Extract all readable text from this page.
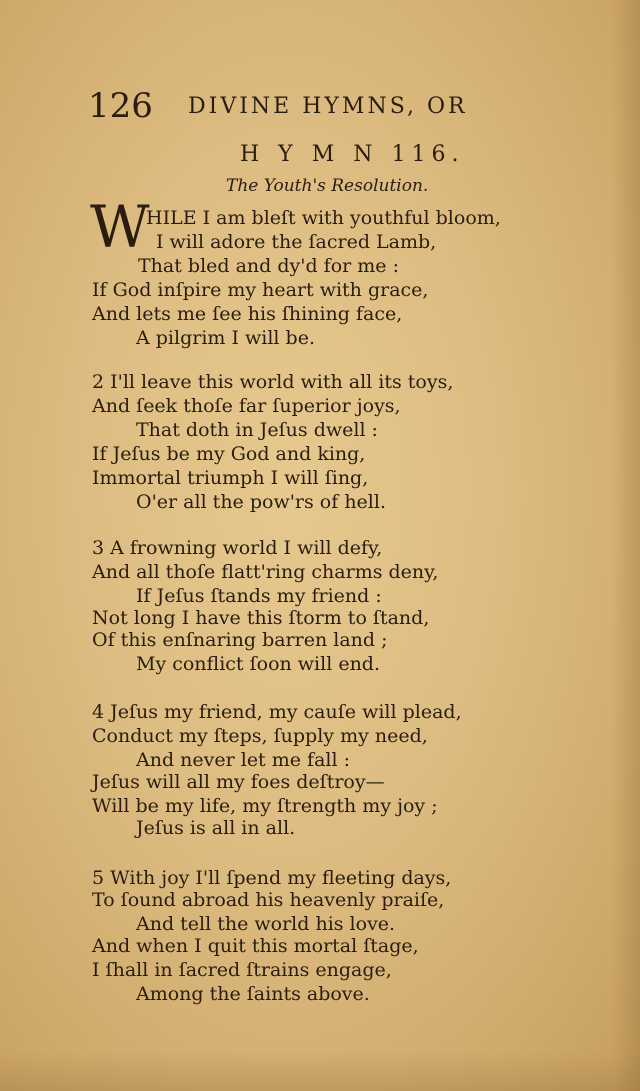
126 DIVINE HYMNS, OR
H Y M N 116.
The Youth's Resolution.
W
HILE I am bleſt with youthful bloom,
I will adore the ſacred Lamb,
That bled and dy'd for me :
If God inſpire my heart with grace,
And lets me ſee his ſhining face,
A pilgrim I will be.
2 I'll leave this world with all its toys,
And ſeek thoſe far ſuperior joys,
That doth in Jeſus dwell :
If Jeſus be my God and king,
Immortal triumph I will ſing,
O'er all the pow'rs of hell.
3 A frowning world I will defy,
And all thoſe flatt'ring charms deny,
If Jeſus ſtands my friend :
Not long I have this ſtorm to ſtand,
Of this enſnaring barren land ;
My conflict ſoon will end.
4 Jeſus my friend, my cauſe will plead,
Conduct my ſteps, ſupply my need,
And never let me fall :
Jeſus will all my foes deſtroy—
Will be my life, my ſtrength my joy ;
Jeſus is all in all.
5 With joy I'll ſpend my fleeting days,
To ſound abroad his heavenly praiſe,
And tell the world his love.
And when I quit this mortal ſtage,
I ſhall in ſacred ſtrains engage,
Among the ſaints above.
